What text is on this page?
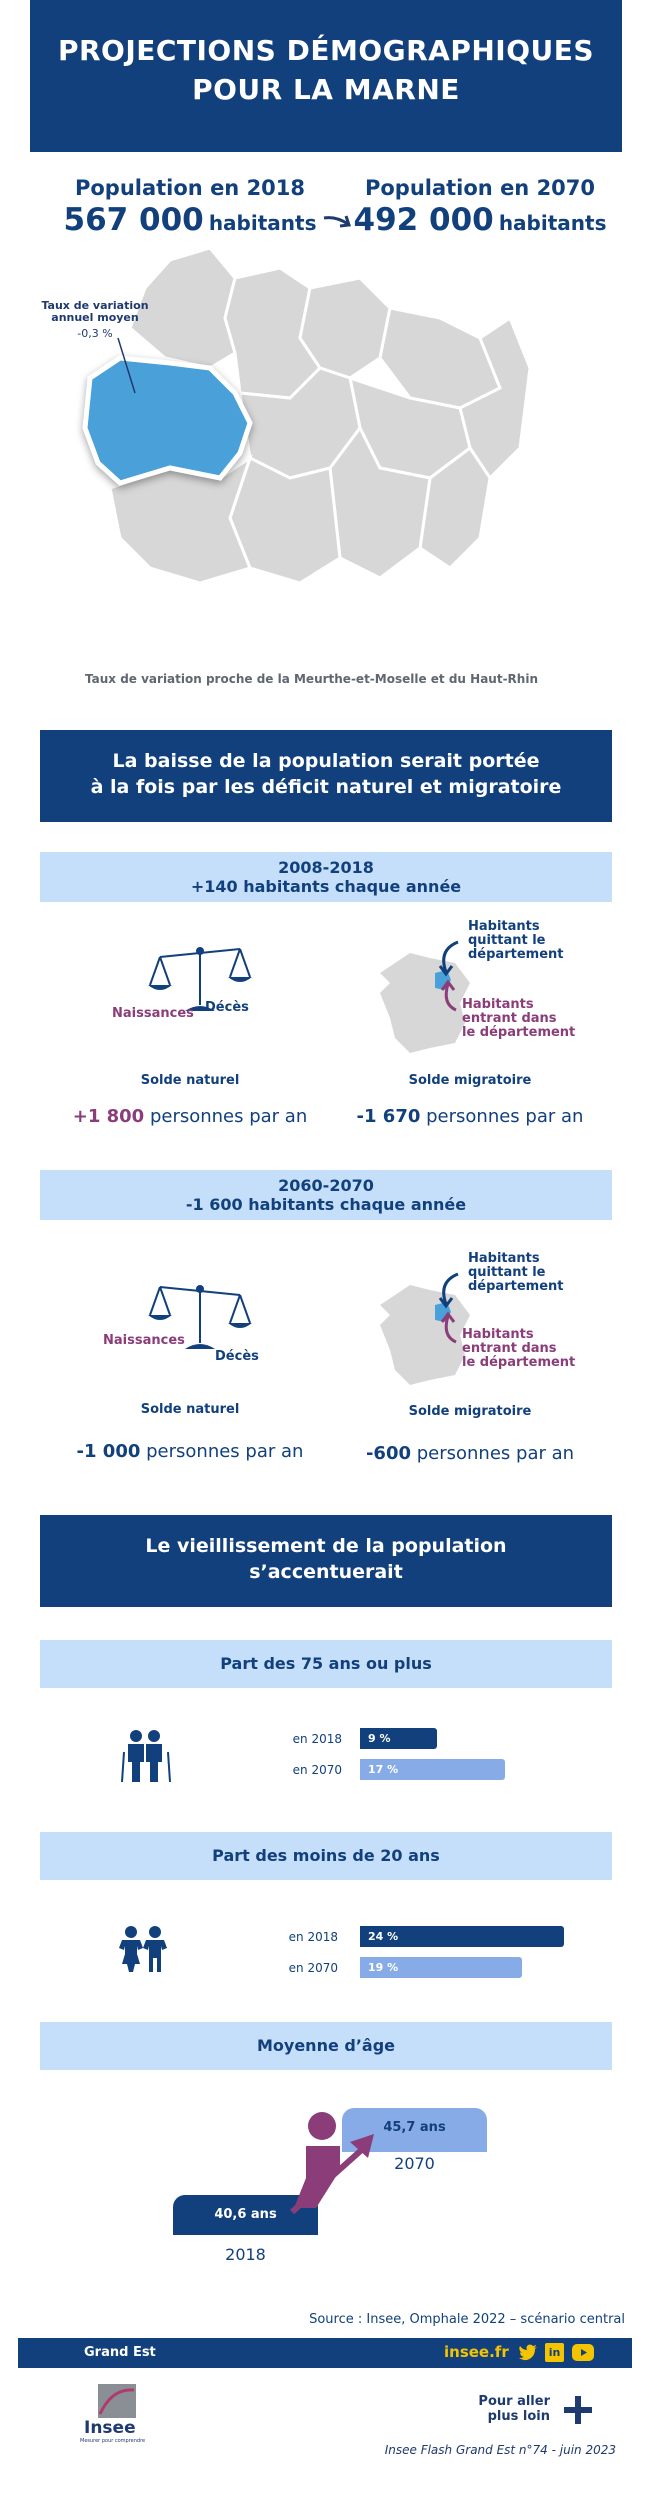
PROJECTIONS DÉMOGRAPHIQUES
POUR LA MARNE
Population en 2018
567 000 habitants
Population en 2070
492 000 habitants
Taux de variation
annuel moyen
-0,3 %
Taux de variation proche de la Meurthe-et-Moselle et du Haut-Rhin
La baisse de la population serait portée
à la fois par les déficit naturel et migratoire
2008-2018
+140 habitants chaque année
Naissances Décès
Habitants
quittant le
département
Habitants
entrant dans
le département
Solde naturel	Solde migratoire
+1 800 personnes par an	-1 670 personnes par an
2060-2070
-1 600 habitants chaque année
Naissances
Décès
Habitants
quittant le
département
Habitants
entrant dans
le département
Solde naturel	Solde migratoire
-1 000 personnes par an	-600 personnes par an
Le vieillissement de la population
s’accentuerait
Part des 75 ans ou plus
en 2018
en 2070
9 %
17 %
Part des moins de 20 ans
en 2018
en 2070
24 %
19 %
Moyenne d’âge
45,7 ans
2070
40,6 ans
2018
Source : Insee, Omphale 2022 – scénario central
Grand Est	insee.fr	in
Insee
Mesurer pour comprendre
Pour aller
plus loin
Insee Flash Grand Est n°74 - juin 2023
